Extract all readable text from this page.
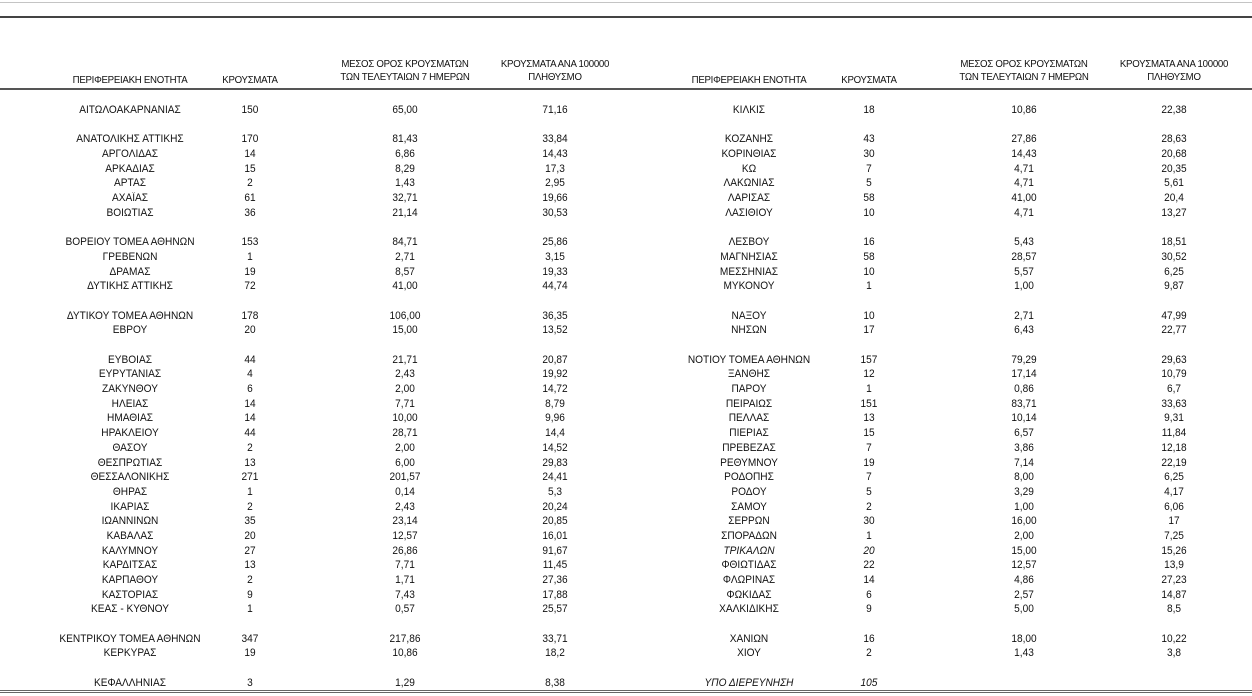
ΠΕΡΙΦΕΡΕΙΑΚΗ ΕΝΟΤΗΤΑ	ΚΡΟΥΣΜΑΤΑ
ΜΕΣΟΣ ΟΡΟΣ ΚΡΟΥΣΜΑΤΩΝ
ΤΩΝ ΤΕΛΕΥΤΑΙΩΝ 7 ΗΜΕΡΩΝ
ΚΡΟΥΣΜΑΤΑ ΑΝΑ 100000
ΠΛΗΘΥΣΜΟ
ΑΙΤΩΛΟΑΚΑΡΝΑΝΙΑΣ	150	65,00	71,16
ΑΝΑΤΟΛΙΚΗΣ ΑΤΤΙΚΗΣ	170	81,43	33,84
ΑΡΓΟΛΙΔΑΣ	14	6,86	14,43
ΑΡΚΑΔΙΑΣ	15	8,29	17,3
ΑΡΤΑΣ	2	1,43	2,95
ΑΧΑΪΑΣ	61	32,71	19,66
ΒΟΙΩΤΙΑΣ	36	21,14	30,53
ΒΟΡΕΙΟΥ ΤΟΜΕΑ ΑΘΗΝΩΝ	153	84,71	25,86
ΓΡΕΒΕΝΩΝ	1	2,71	3,15
ΔΡΑΜΑΣ	19	8,57	19,33
ΔΥΤΙΚΗΣ ΑΤΤΙΚΗΣ	72	41,00	44,74
ΔΥΤΙΚΟΥ ΤΟΜΕΑ ΑΘΗΝΩΝ	178	106,00	36,35
ΕΒΡΟΥ	20	15,00	13,52
ΕΥΒΟΙΑΣ	44	21,71	20,87
ΕΥΡΥΤΑΝΙΑΣ	4	2,43	19,92
ΖΑΚΥΝΘΟΥ	6	2,00	14,72
ΗΛΕΙΑΣ	14	7,71	8,79
ΗΜΑΘΙΑΣ	14	10,00	9,96
ΗΡΑΚΛΕΙΟΥ	44	28,71	14,4
ΘΑΣΟΥ	2	2,00	14,52
ΘΕΣΠΡΩΤΙΑΣ	13	6,00	29,83
ΘΕΣΣΑΛΟΝΙΚΗΣ	271	201,57	24,41
ΘΗΡΑΣ	1	0,14	5,3
ΙΚΑΡΙΑΣ	2	2,43	20,24
ΙΩΑΝΝΙΝΩΝ	35	23,14	20,85
ΚΑΒΑΛΑΣ	20	12,57	16,01
ΚΑΛΥΜΝΟΥ	27	26,86	91,67
ΚΑΡΔΙΤΣΑΣ	13	7,71	11,45
ΚΑΡΠΑΘΟΥ	2	1,71	27,36
ΚΑΣΤΟΡΙΑΣ	9	7,43	17,88
ΚΕΑΣ - ΚΥΘΝΟΥ	1	0,57	25,57
ΚΕΝΤΡΙΚΟΥ ΤΟΜΕΑ ΑΘΗΝΩΝ	347	217,86	33,71
ΚΕΡΚΥΡΑΣ	19	10,86	18,2
ΚΕΦΑΛΛΗΝΙΑΣ	3	1,29	8,38
ΠΕΡΙΦΕΡΕΙΑΚΗ ΕΝΟΤΗΤΑ	ΚΡΟΥΣΜΑΤΑ
ΜΕΣΟΣ ΟΡΟΣ ΚΡΟΥΣΜΑΤΩΝ
ΤΩΝ ΤΕΛΕΥΤΑΙΩΝ 7 ΗΜΕΡΩΝ
ΚΡΟΥΣΜΑΤΑ ΑΝΑ 100000
ΠΛΗΘΥΣΜΟ
ΚΙΛΚΙΣ	18	10,86	22,38
ΚΟΖΑΝΗΣ	43	27,86	28,63
ΚΟΡΙΝΘΙΑΣ	30	14,43	20,68
ΚΩ	7	4,71	20,35
ΛΑΚΩΝΙΑΣ	5	4,71	5,61
ΛΑΡΙΣΑΣ	58	41,00	20,4
ΛΑΣΙΘΙΟΥ	10	4,71	13,27
ΛΕΣΒΟΥ	16	5,43	18,51
ΜΑΓΝΗΣΙΑΣ	58	28,57	30,52
ΜΕΣΣΗΝΙΑΣ	10	5,57	6,25
ΜΥΚΟΝΟΥ	1	1,00	9,87
ΝΑΞΟΥ	10	2,71	47,99
ΝΗΣΩΝ	17	6,43	22,77
ΝΟΤΙΟΥ ΤΟΜΕΑ ΑΘΗΝΩΝ	157	79,29	29,63
ΞΑΝΘΗΣ	12	17,14	10,79
ΠΑΡΟΥ	1	0,86	6,7
ΠΕΙΡΑΙΩΣ	151	83,71	33,63
ΠΕΛΛΑΣ	13	10,14	9,31
ΠΙΕΡΙΑΣ	15	6,57	11,84
ΠΡΕΒΕΖΑΣ	7	3,86	12,18
ΡΕΘΥΜΝΟΥ	19	7,14	22,19
ΡΟΔΟΠΗΣ	7	8,00	6,25
ΡΟΔΟΥ	5	3,29	4,17
ΣΑΜΟΥ	2	1,00	6,06
ΣΕΡΡΩΝ	30	16,00	17
ΣΠΟΡΑΔΩΝ	1	2,00	7,25
ΤΡΙΚΑΛΩΝ	20	15,00	15,26
ΦΘΙΩΤΙΔΑΣ	22	12,57	13,9
ΦΛΩΡΙΝΑΣ	14	4,86	27,23
ΦΩΚΙΔΑΣ	6	2,57	14,87
ΧΑΛΚΙΔΙΚΗΣ	9	5,00	8,5
ΧΑΝΙΩΝ	16	18,00	10,22
ΧΙΟΥ	2	1,43	3,8
ΥΠΟ ΔΙΕΡΕΥΝΗΣΗ	105
